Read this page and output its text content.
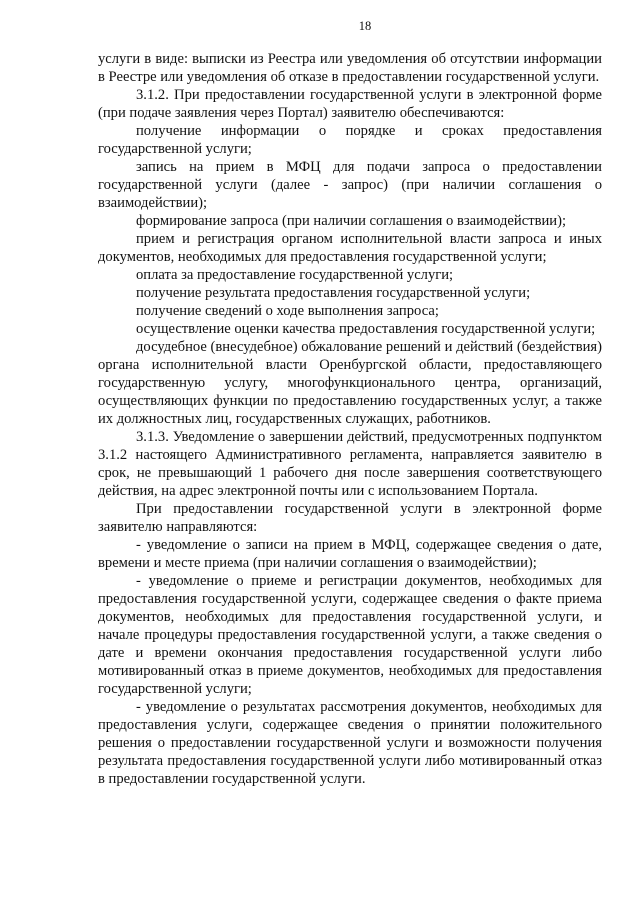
18

услуги в виде: выписки из Реестра или уведомления об отсутствии информации в Реестре или уведомления об отказе в предоставлении государственной услуги.

3.1.2. При предоставлении государственной услуги в электронной форме (при подаче заявления через Портал) заявителю обеспечиваются:

получение информации о порядке и сроках предоставления государственной услуги;

запись на прием в МФЦ для подачи запроса о предоставлении государственной услуги (далее - запрос) (при наличии соглашения о взаимодействии);

формирование запроса (при наличии соглашения о взаимодействии);

прием и регистрация органом исполнительной власти запроса и иных документов, необходимых для предоставления государственной услуги;

оплата за предоставление государственной услуги;

получение результата предоставления государственной услуги;

получение сведений о ходе выполнения запроса;

осуществление оценки качества предоставления государственной услуги;

досудебное (внесудебное) обжалование решений и действий (бездействия) органа исполнительной власти Оренбургской области, предоставляющего государственную услугу, многофункционального центра, организаций, осуществляющих функции по предоставлению государственных услуг, а также их должностных лиц, государственных служащих, работников.

3.1.3. Уведомление о завершении действий, предусмотренных подпунктом 3.1.2 настоящего Административного регламента, направляется заявителю в срок, не превышающий 1 рабочего дня после завершения соответствующего действия, на адрес электронной почты или с использованием Портала.

При предоставлении государственной услуги в электронной форме заявителю направляются:

- уведомление о записи на прием в МФЦ, содержащее сведения о дате, времени и месте приема (при наличии соглашения о взаимодействии);

- уведомление о приеме и регистрации документов, необходимых для предоставления государственной услуги, содержащее сведения о факте приема документов, необходимых для предоставления государственной услуги, и начале процедуры предоставления государственной услуги, а также сведения о дате и времени окончания предоставления государственной услуги либо мотивированный отказ в приеме документов, необходимых для предоставления государственной услуги;

- уведомление о результатах рассмотрения документов, необходимых для предоставления услуги, содержащее сведения о принятии положительного решения о предоставлении государственной услуги и возможности получения результата предоставления государственной услуги либо мотивированный отказ в предоставлении государственной услуги.
